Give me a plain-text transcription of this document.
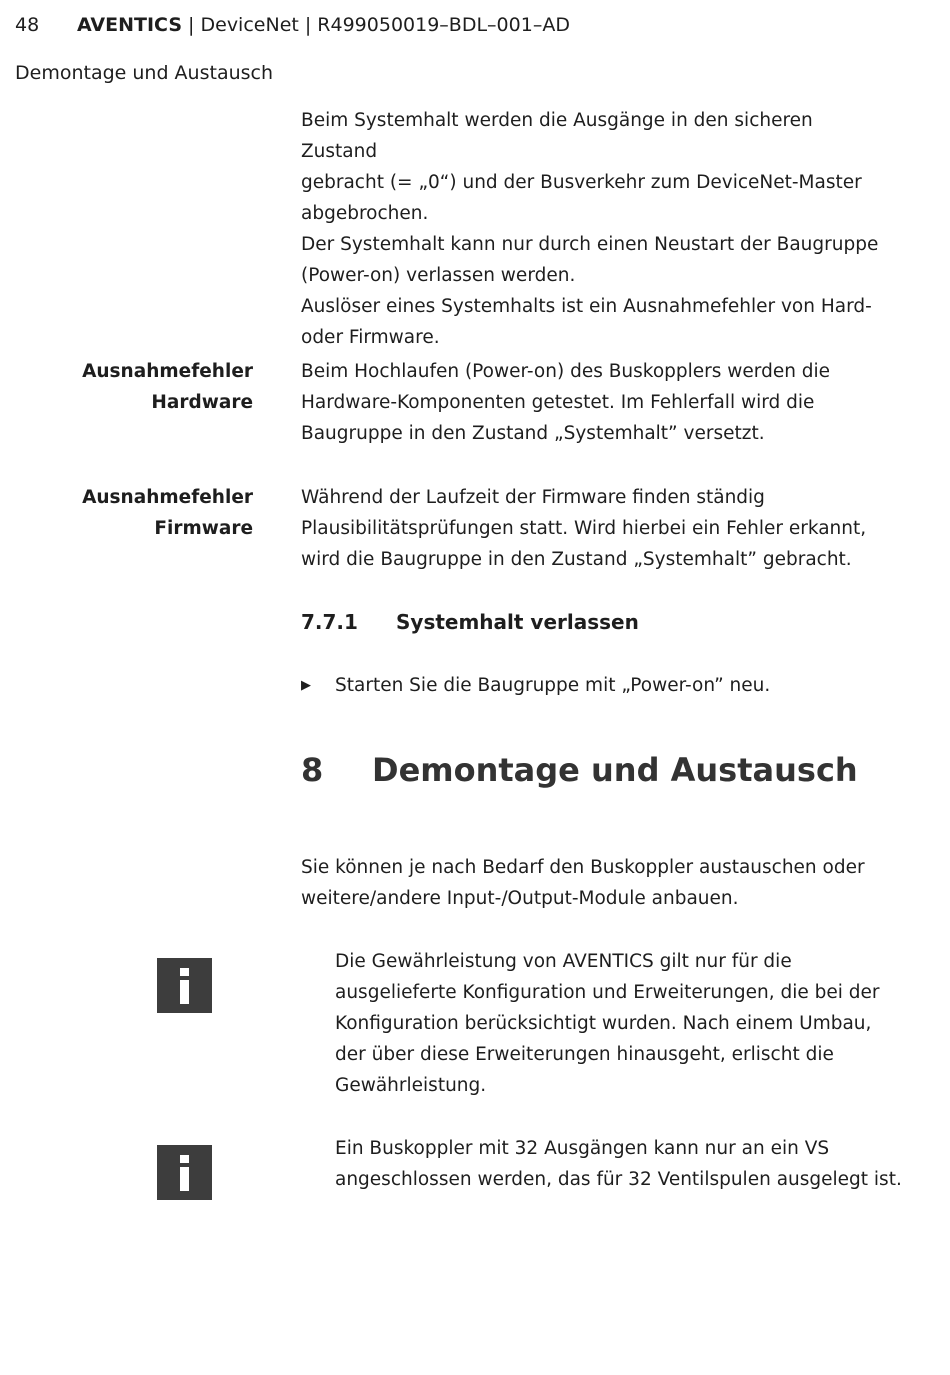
48 AVENTICS | DeviceNet | R499050019–BDL–001–AD
Demontage und Austausch
Beim Systemhalt werden die Ausgänge in den sicheren Zustand
gebracht (= „0“) und der Busverkehr zum DeviceNet-Master
abgebrochen.
Der Systemhalt kann nur durch einen Neustart der Baugruppe
(Power-on) verlassen werden.
Auslöser eines Systemhalts ist ein Ausnahmefehler von Hard-
oder Firmware.
Ausnahmefehler
Hardware
Beim Hochlaufen (Power-on) des Buskopplers werden die
Hardware-Komponenten getestet. Im Fehlerfall wird die
Baugruppe in den Zustand „Systemhalt” versetzt.
Ausnahmefehler
Firmware
Während der Laufzeit der Firmware finden ständig
Plausibilitätsprüfungen statt. Wird hierbei ein Fehler erkannt,
wird die Baugruppe in den Zustand „Systemhalt” gebracht.
7.7.1 Systemhalt verlassen
▶ Starten Sie die Baugruppe mit „Power-on” neu.
8 Demontage und Austausch
Sie können je nach Bedarf den Buskoppler austauschen oder
weitere/andere Input-/Output-Module anbauen.
Die Gewährleistung von AVENTICS gilt nur für die
ausgelieferte Konfiguration und Erweiterungen, die bei der
Konfiguration berücksichtigt wurden. Nach einem Umbau,
der über diese Erweiterungen hinausgeht, erlischt die
Gewährleistung.
Ein Buskoppler mit 32 Ausgängen kann nur an ein VS
angeschlossen werden, das für 32 Ventilspulen ausgelegt ist.
